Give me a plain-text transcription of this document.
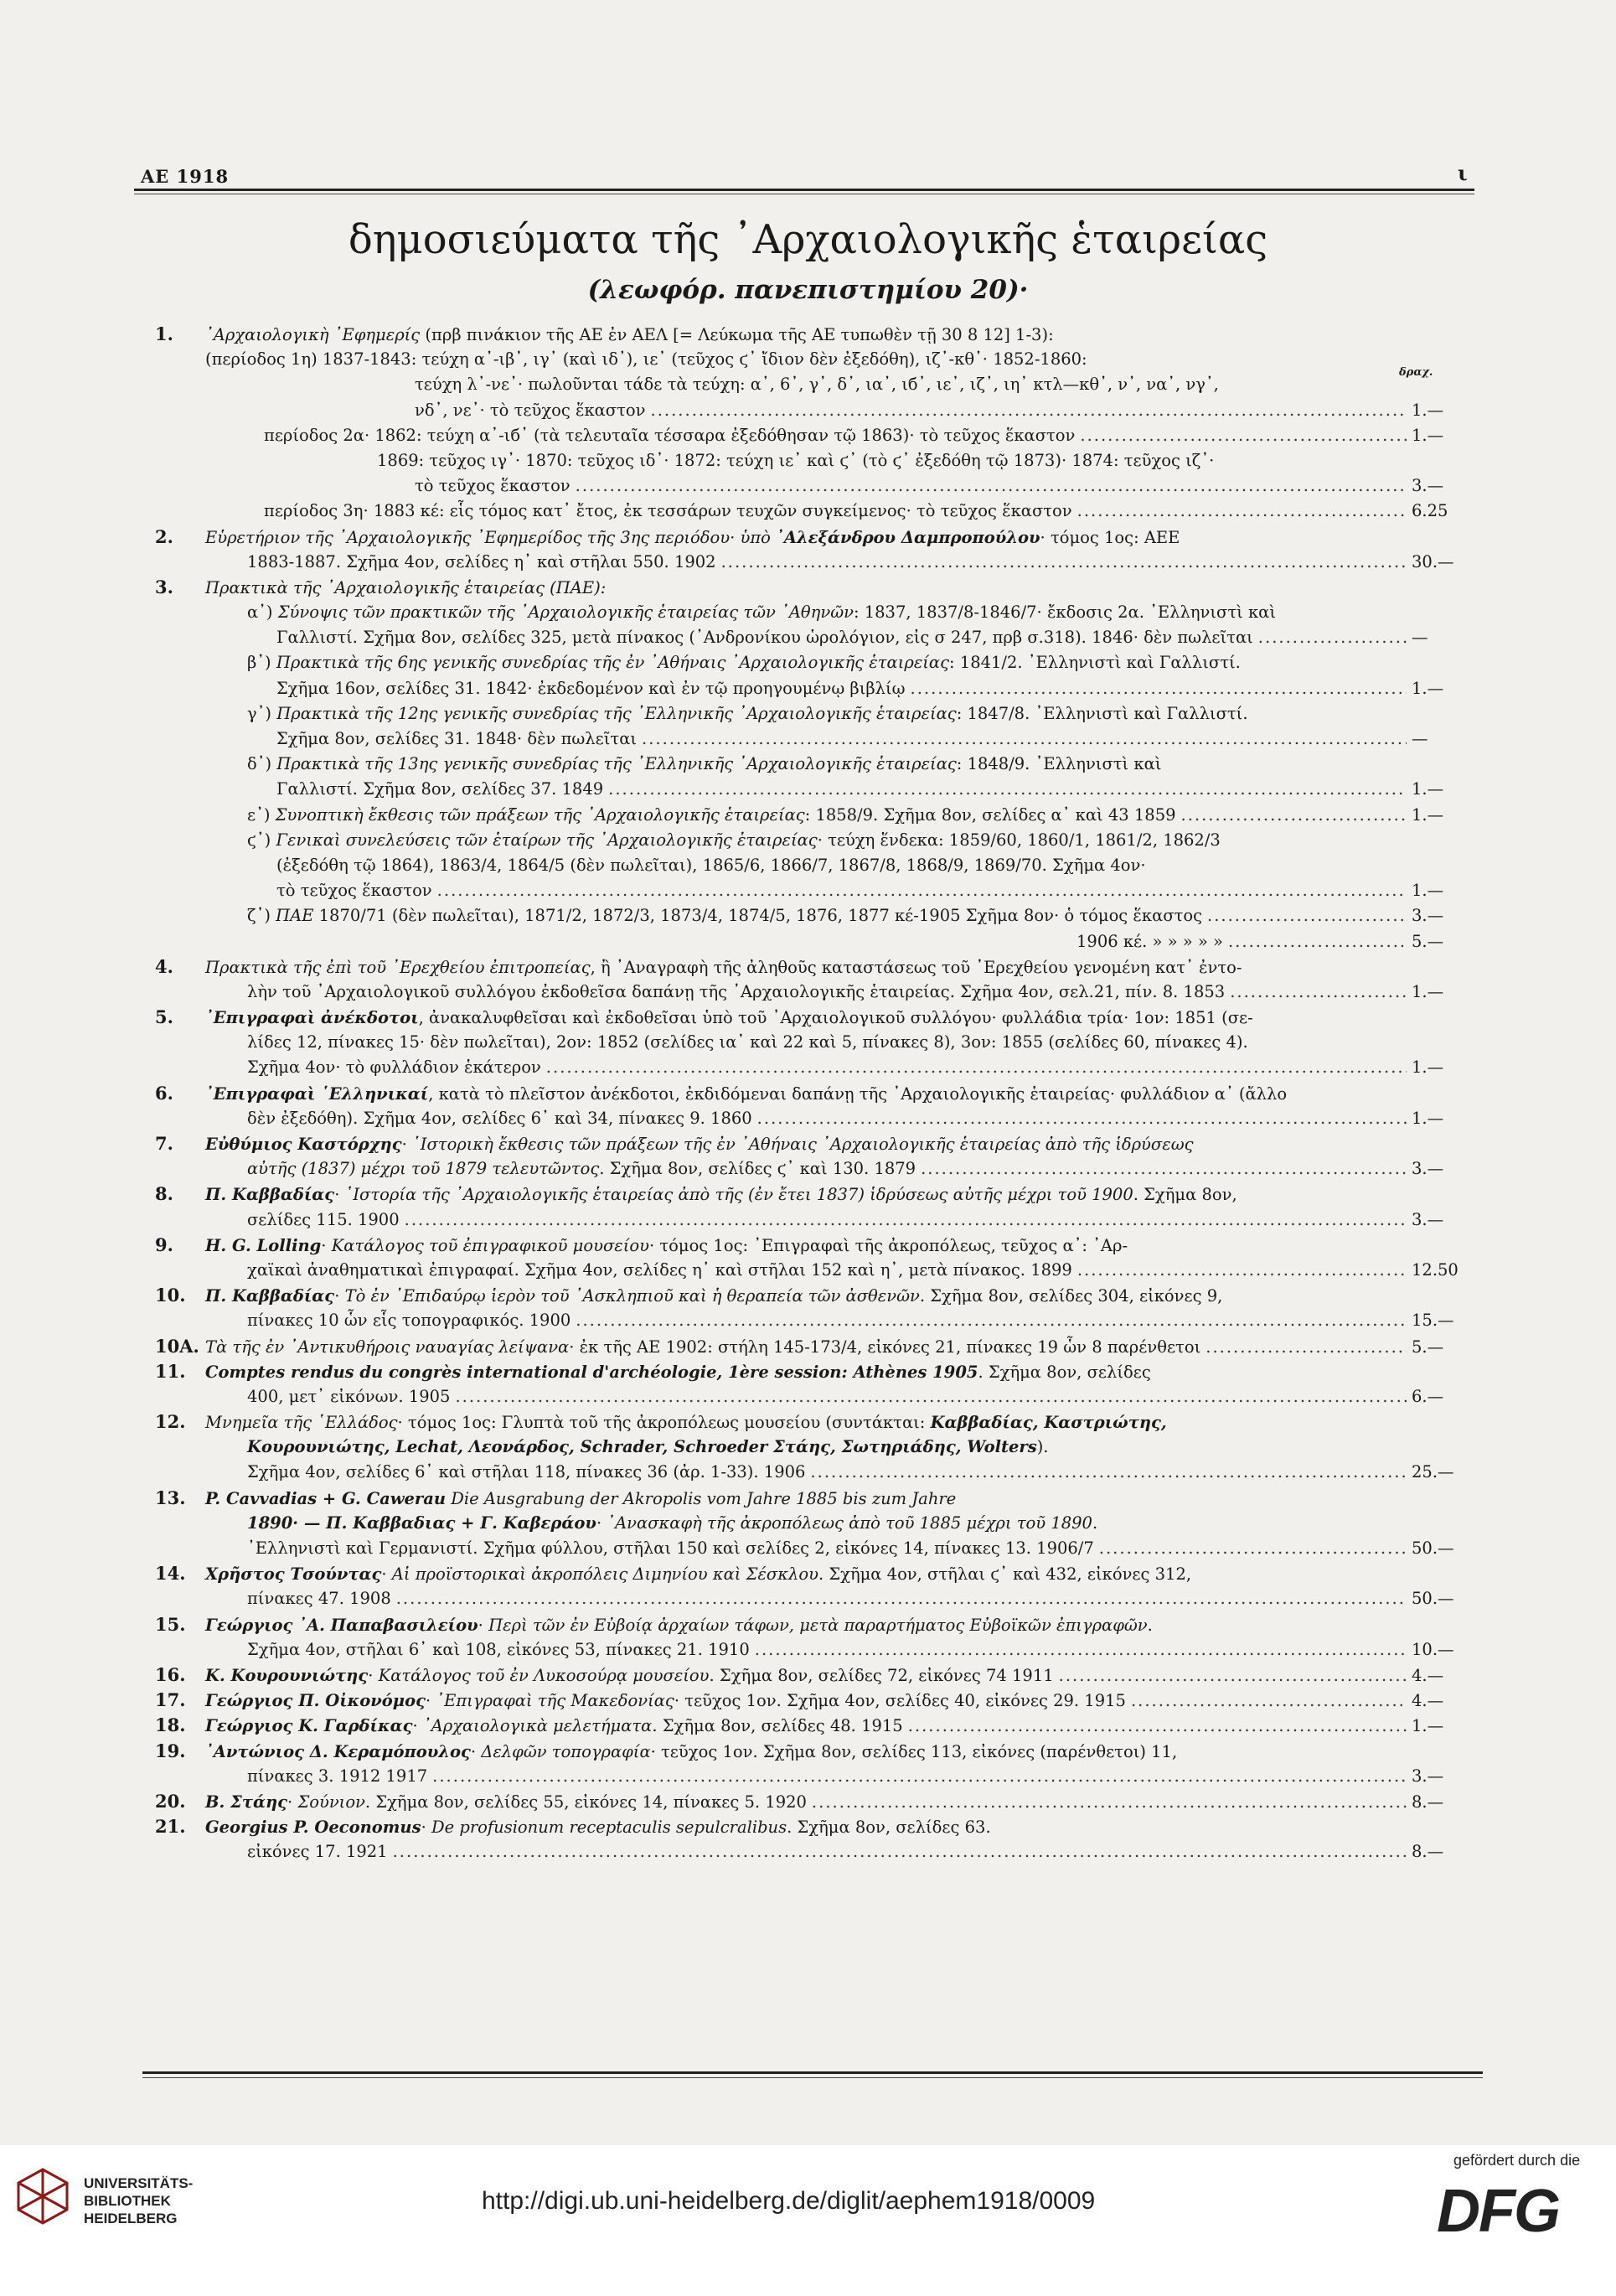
ΑΕ 1918	ι
δημοσιεύματα τῆς ᾿Αρχαιολογικῆς ἑταιρείας
(λεωφόρ. πανεπιστημίου 20)·
δραχ.
1.	᾿Αρχαιολογικὴ ᾿Εφημερίς (πρβ πινάκιον τῆς ΑΕ ἐν ΑΕΛ [= Λεύκωμα τῆς ΑΕ τυπωθὲν τῇ 30 8 12] 1-3):
(περίοδος 1η) 1837-1843: τεύχη α᾿-ιβ᾿, ιγ᾿ (καὶ ιδ᾿), ιε᾿ (τεῦχος ϛ᾿ ἴδιον δὲν ἐξεδόθη), ιζ᾿-κθ᾿· 1852-1860:
τεύχη λ᾿-νε᾿· πωλοῦνται τάδε τὰ τεύχη: α᾿, 6᾿, γ᾿, δ᾿, ια᾿, ιб᾿, ιε᾿, ιζ᾿, ιη᾿ κτλ—κθ᾿, ν᾿, να᾿, νγ᾿,
νδ᾿, νε᾿· τὸ τεῦχος ἕκαστον .....	1.—
περίοδος 2α· 1862: τεύχη α᾿-ιб᾿ (τὰ τελευταῖα τέσσαρα ἐξεδόθησαν τῷ 1863)· τὸ τεῦχος ἕκαστον .....	1.—
1869: τεῦχος ιγ᾿· 1870: τεῦχος ιδ᾿· 1872: τεύχη ιε᾿ καὶ ϛ᾿ (τὸ ϛ᾿ ἐξεδόθη τῷ 1873)· 1874: τεῦχος ιζ᾿·
τὸ τεῦχος ἕκαστον .....	3.—
περίοδος 3η· 1883 κέ: εἷς τόμος κατ᾿ ἔτος, ἐκ τεσσάρων τευχῶν συγκείμενος· τὸ τεῦχος ἕκαστον .....	6.25
2.	Εὑρετήριον τῆς ᾿Αρχαιολογικῆς ᾿Εφημερίδος τῆς 3ης περιόδου· ὑπὸ ᾿Αλεξάνδρου Δαμπροπούλου· τόμος 1ος: ΑΕΕ
1883-1887. Σχῆμα 4ον, σελίδες η᾿ καὶ στῆλαι 550. 1902 .....	30.—
3.	Πρακτικὰ τῆς ᾿Αρχαιολογικῆς ἑταιρείας (ΠΑΕ):
α᾿) Σύνοψις τῶν πρακτικῶν τῆς ᾿Αρχαιολογικῆς ἑταιρείας τῶν ᾿Αθηνῶν: 1837, 1837/8-1846/7· ἔκδοσις 2α. ᾿Ελληνιστὶ καὶ
Γαλλιστί. Σχῆμα 8ον, σελίδες 325, μετὰ πίνακος (᾿Ανδρονίκου ὡρολόγιον, εἰς σ 247, πρβ σ.318). 1846· δὲν πωλεῖται .....	—
β᾿) Πρακτικὰ τῆς 6ης γενικῆς συνεδρίας τῆς ἐν ᾿Αθήναις ᾿Αρχαιολογικῆς ἑταιρείας: 1841/2. ᾿Ελληνιστὶ καὶ Γαλλιστί.
Σχῆμα 16ον, σελίδες 31. 1842· ἐκδεδομένον καὶ ἐν τῷ προηγουμένῳ βιβλίῳ .....	1.—
γ᾿) Πρακτικὰ τῆς 12ης γενικῆς συνεδρίας τῆς ᾿Ελληνικῆς ᾿Αρχαιολογικῆς ἑταιρείας: 1847/8. ᾿Ελληνιστὶ καὶ Γαλλιστί.
Σχῆμα 8ον, σελίδες 31. 1848· δὲν πωλεῖται .....	—
δ᾿) Πρακτικὰ τῆς 13ης γενικῆς συνεδρίας τῆς ᾿Ελληνικῆς ᾿Αρχαιολογικῆς ἑταιρείας: 1848/9. ᾿Ελληνιστὶ καὶ
Γαλλιστί. Σχῆμα 8ον, σελίδες 37. 1849 .....	1.—
ε᾿) Συνοπτικὴ ἔκθεσις τῶν πράξεων τῆς ᾿Αρχαιολογικῆς ἑταιρείας: 1858/9. Σχῆμα 8ον, σελίδες α᾿ καὶ 43 1859 .....	1.—
ϛ᾿) Γενικαὶ συνελεύσεις τῶν ἑταίρων τῆς ᾿Αρχαιολογικῆς ἑταιρείας· τεύχη ἕνδεκα: 1859/60, 1860/1, 1861/2, 1862/3
(ἐξεδόθη τῷ 1864), 1863/4, 1864/5 (δὲν πωλεῖται), 1865/6, 1866/7, 1867/8, 1868/9, 1869/70. Σχῆμα 4ον·
τὸ τεῦχος ἕκαστον .....	1.—
ζ᾿) ΠΑΕ 1870/71 (δὲν πωλεῖται), 1871/2, 1872/3, 1873/4, 1874/5, 1876, 1877 κέ-1905 Σχῆμα 8ον· ὁ τόμος ἕκαστος .....	3.—
1906 κέ. » » » » » .....	5.—
4.	Πρακτικὰ τῆς ἐπὶ τοῦ ᾿Ερεχθείου ἐπιτροπείας, ἢ ᾿Αναγραφὴ τῆς ἀληθοῦς καταστάσεως τοῦ ᾿Ερεχθείου γενομένη κατ᾿ ἐντο-
λὴν τοῦ ᾿Αρχαιολογικοῦ συλλόγου ἐκδοθεῖσα δαπάνῃ τῆς ᾿Αρχαιολογικῆς ἑταιρείας. Σχῆμα 4ον, σελ.21, πίν. 8. 1853 .....	1.—
5.	᾿Επιγραφαὶ ἀνέκδοτοι, ἀνακαλυφθεῖσαι καὶ ἐκδοθεῖσαι ὑπὸ τοῦ ᾿Αρχαιολογικοῦ συλλόγου· φυλλάδια τρία· 1ον: 1851 (σε-
λίδες 12, πίνακες 15· δὲν πωλεῖται), 2ον: 1852 (σελίδες ια᾿ καὶ 22 καὶ 5, πίνακες 8), 3ον: 1855 (σελίδες 60, πίνακες 4).
Σχῆμα 4ον· τὸ φυλλάδιον ἑκάτερον .....	1.—
6.	᾿Επιγραφαὶ ῾Ελληνικαί, κατὰ τὸ πλεῖστον ἀνέκδοτοι, ἐκδιδόμεναι δαπάνῃ τῆς ᾿Αρχαιολογικῆς ἑταιρείας· φυλλάδιον α᾿ (ἄλλο
δὲν ἐξεδόθη). Σχῆμα 4ον, σελίδες 6᾿ καὶ 34, πίνακες 9. 1860 .....	1.—
7.	Εὐθύμιος Καστόρχης· ῾Ιστορικὴ ἔκθεσις τῶν πράξεων τῆς ἐν ᾿Αθήναις ᾿Αρχαιολογικῆς ἑταιρείας ἀπὸ τῆς ἱδρύσεως
αὐτῆς (1837) μέχρι τοῦ 1879 τελευτῶντος. Σχῆμα 8ον, σελίδες ϛ᾿ καὶ 130. 1879 .....	3.—
8.	Π. Καββαδίας· ῾Ιστορία τῆς ᾿Αρχαιολογικῆς ἑταιρείας ἀπὸ τῆς (ἐν ἔτει 1837) ἱδρύσεως αὐτῆς μέχρι τοῦ 1900. Σχῆμα 8ον,
σελίδες 115. 1900 .....	3.—
9.	H. G. Lolling· Κατάλογος τοῦ ἐπιγραφικοῦ μουσείου· τόμος 1ος: ᾿Επιγραφαὶ τῆς ἀκροπόλεως, τεῦχος α᾿: ᾿Αρ-
χαϊκαὶ ἀναθηματικαὶ ἐπιγραφαί. Σχῆμα 4ον, σελίδες η᾿ καὶ στῆλαι 152 καὶ η᾿, μετὰ πίνακος. 1899 .....	12.50
10.	Π. Καββαδίας· Τὸ ἐν ᾿Επιδαύρῳ ἱερὸν τοῦ ᾿Ασκληπιοῦ καὶ ἡ θεραπεία τῶν ἀσθενῶν. Σχῆμα 8ον, σελίδες 304, εἰκόνες 9,
πίνακες 10 ὧν εἷς τοπογραφικός. 1900 .....	15.—
10A. Τὰ τῆς ἐν ᾿Αντικυθήροις ναυαγίας λείψανα· ἐκ τῆς ΑΕ 1902: στήλη 145-173/4, εἰκόνες 21, πίνακες 19 ὧν 8 παρένθετοι .....	5.—
11.	Comptes rendus du congrès international d'archéologie, 1ère session: Athènes 1905. Σχῆμα 8ον, σελίδες
400, μετ᾿ εἰκόνων. 1905 .....	6.—
12.	Μνημεῖα τῆς ῾Ελλάδος· τόμος 1ος: Γλυπτὰ τοῦ τῆς ἀκροπόλεως μουσείου (συντάκται: Καββαδίας, Καστριώτης,
Κουρουνιώτης, Lechat, Λεονάρδος, Schrader, Schroeder Στάης, Σωτηριάδης, Wolters).
Σχῆμα 4ον, σελίδες 6᾿ καὶ στῆλαι 118, πίνακες 36 (ἀρ. 1-33). 1906 .....	25.—
13.	P. Cavvadias + G. Cawerau Die Ausgrabung der Akropolis vom Jahre 1885 bis zum Jahre
1890· — Π. Καββαδιας + Γ. Καβεράου· ᾿Ανασκαφὴ τῆς ἀκροπόλεως ἀπὸ τοῦ 1885 μέχρι τοῦ 1890.
᾿Ελληνιστὶ καὶ Γερμανιστί. Σχῆμα φύλλου, στῆλαι 150 καὶ σελίδες 2, εἰκόνες 14, πίνακες 13. 1906/7 .....	50.—
14.	Χρῆστος Τσούντας· Αἱ προϊστορικαὶ ἀκροπόλεις Διμηνίου καὶ Σέσκλου. Σχῆμα 4ον, στῆλαι ϛ᾿ καὶ 432, εἰκόνες 312,
πίνακες 47. 1908 .....	50.—
15.	Γεώργιος ᾿Α. Παπαβασιλείου· Περὶ τῶν ἐν Εὐβοίᾳ ἀρχαίων τάφων, μετὰ παραρτήματος Εὐβοϊκῶν ἐπιγραφῶν.
Σχῆμα 4ον, στῆλαι 6᾿ καὶ 108, εἰκόνες 53, πίνακες 21. 1910 .....	10.—
16.	Κ. Κουρουνιώτης· Κατάλογος τοῦ ἐν Λυκοσούρᾳ μουσείου. Σχῆμα 8ον, σελίδες 72, εἰκόνες 74 1911 .....	4.—
17.	Γεώργιος Π. Οἰκονόμος· ᾿Επιγραφαὶ τῆς Μακεδονίας· τεῦχος 1ον. Σχῆμα 4ον, σελίδες 40, εἰκόνες 29. 1915 .....	4.—
18.	Γεώργιος Κ. Γαρδίκας· ᾿Αρχαιολογικὰ μελετήματα. Σχῆμα 8ον, σελίδες 48. 1915 .....	1.—
19.	᾿Αντώνιος Δ. Κεραμόπουλος· Δελφῶν τοπογραφία· τεῦχος 1ον. Σχῆμα 8ον, σελίδες 113, εἰκόνες (παρένθετοι) 11,
πίνακες 3. 1912 1917 .....	3.—
20.	Β. Στάης· Σούνιον. Σχῆμα 8ον, σελίδες 55, εἰκόνες 14, πίνακες 5. 1920 .....	8.—
21.	Georgius P. Oeconomus· De profusionum receptaculis sepulcralibus. Σχῆμα 8ον, σελίδες 63.
εἰκόνες 17. 1921 .....	8.—
UNIVERSITÄTS-
BIBLIOTHEK
HEIDELBERG
http://digi.ub.uni-heidelberg.de/diglit/aephem1918/0009
gefördert durch die
DFG
